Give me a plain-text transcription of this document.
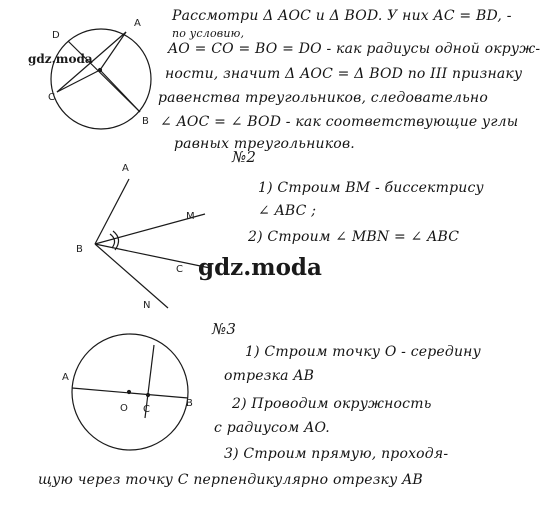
A
D
C
B
gdz.moda
Рассмотри Δ AOC и Δ BOD. У них AC = BD, -
по условию,
AO = CO = BO = DO - как радиусы одной окруж-
ности, значит Δ AOC = Δ BOD по III признаку
равенства треугольников, следовательно
∠ AOC = ∠ BOD - как соответствующие углы
равных треугольников.
№2
A
B
M
C
N
1) Строим BM - биссектрису
∠ ABC ;
2) Строим ∠ MBN = ∠ ABC
gdz.moda
№3
A
O C
B
1) Строим точку O - середину
отрезка AB
2) Проводим окружность
с радиусом AO.
3) Строим прямую, проходя-
щую через точку C перпендикулярно отрезку AB
